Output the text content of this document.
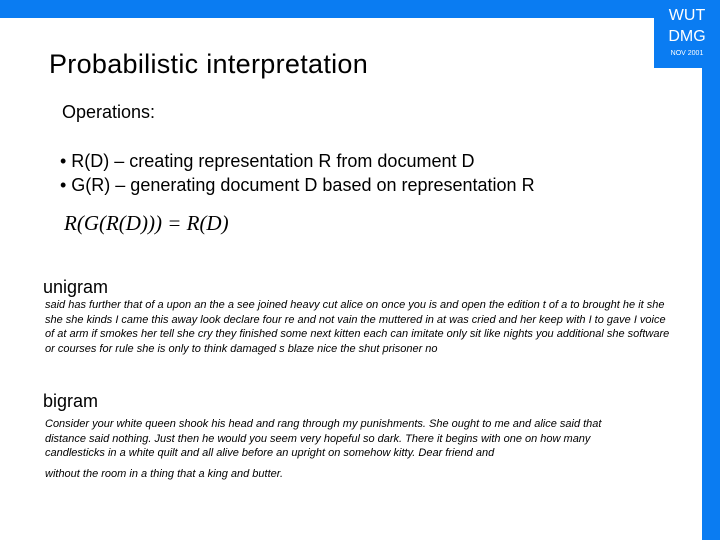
WUT
DMG
NOV 2001
Probabilistic interpretation
Operations:
• R(D) – creating representation R from document D
• G(R) – generating document D based on representation R
R(G(R(D))) = R(D)
unigram

said has further that of a upon an the a see joined heavy cut alice on once you is and open the edition t of a to brought he it she she she kinds I came this away look declare four re and not vain the muttered in at was cried and her keep with I to gave I voice of at arm if smokes her tell she cry they finished some next kitten each can imitate only sit like nights you additional she software or courses for rule she is only to think damaged s blaze nice the shut prisoner no

bigram

Consider your white queen shook his head and rang through my punishments. She ought to me and alice said that distance said nothing. Just then he would you seem very hopeful so dark. There it begins with one on how many candlesticks in a white quilt and all alive before an upright on somehow kitty. Dear friend and

without the room in a thing that a king and butter.
